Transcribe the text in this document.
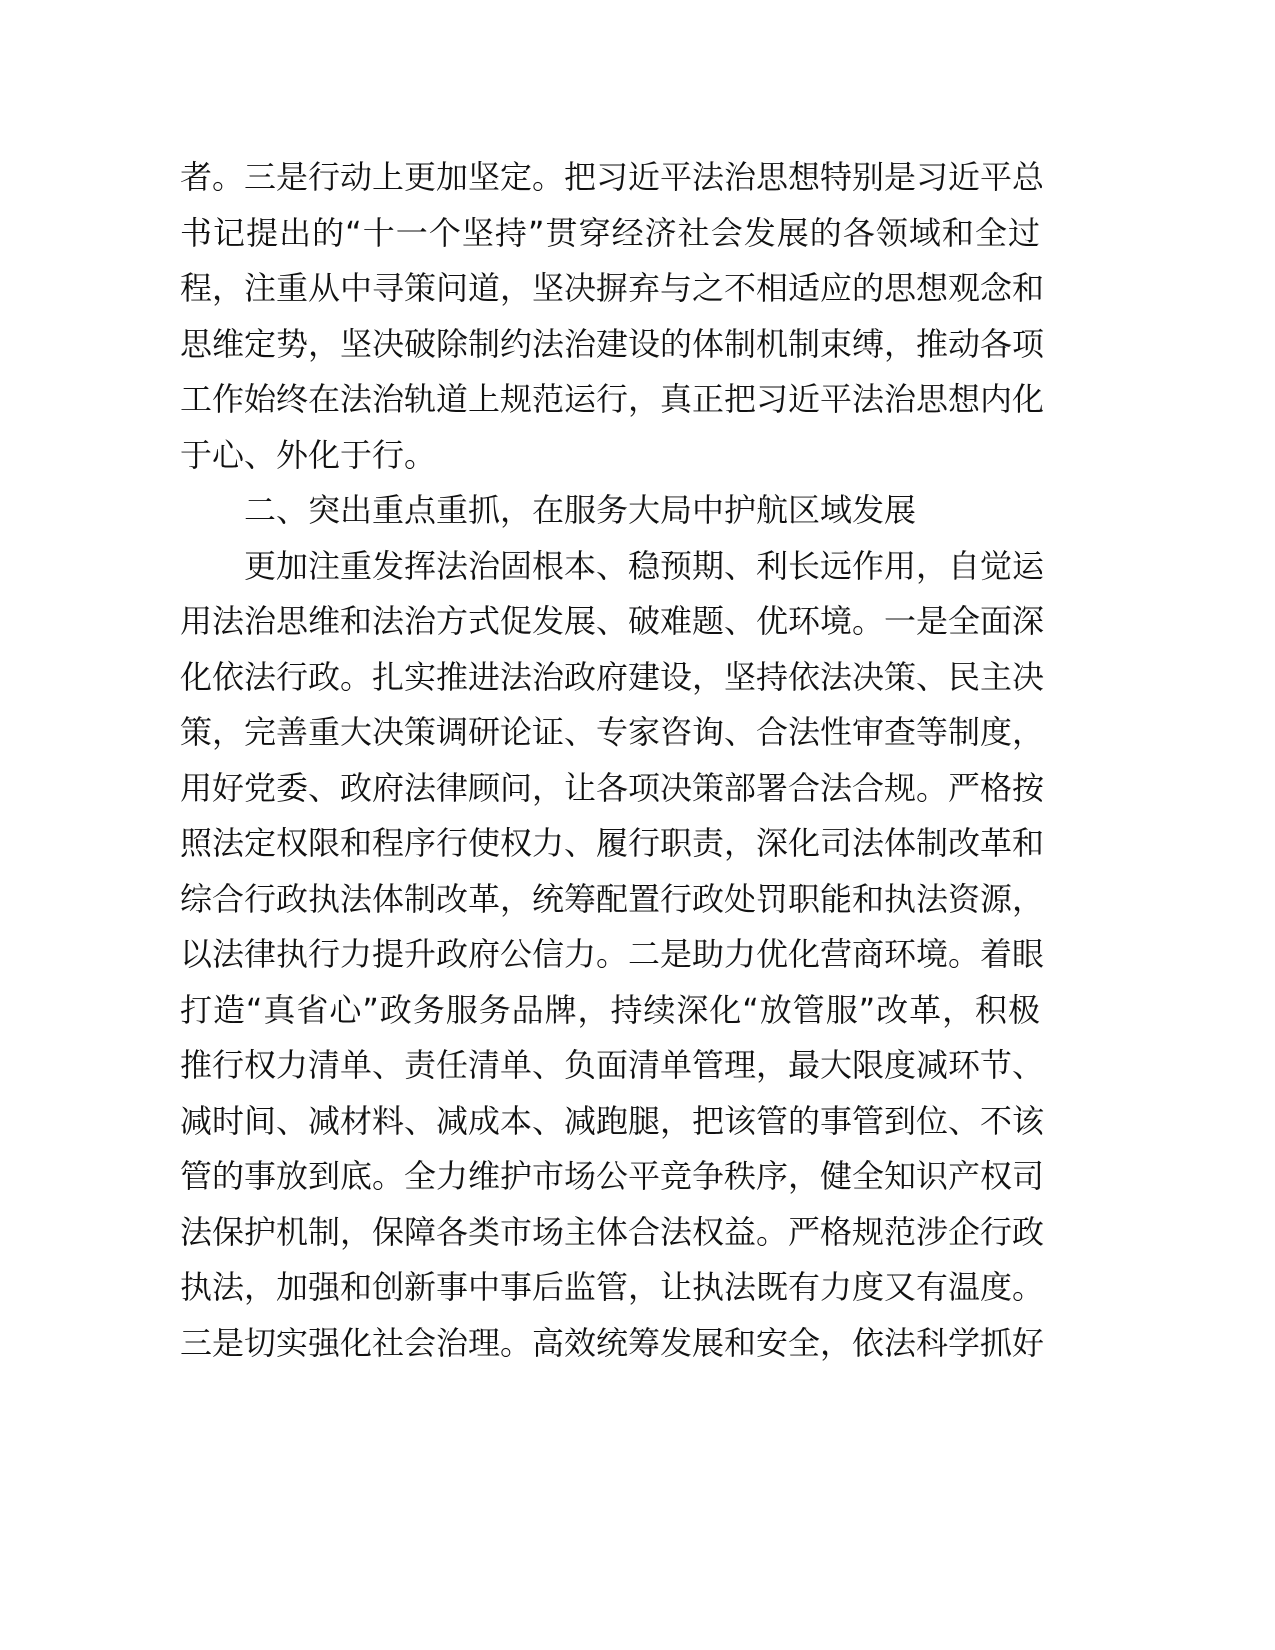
者。三是行动上更加坚定。把习近平法治思想特别是习近平总
书记提出的“十一个坚持”贯穿经济社会发展的各领域和全过
程，注重从中寻策问道，坚决摒弃与之不相适应的思想观念和
思维定势，坚决破除制约法治建设的体制机制束缚，推动各项
工作始终在法治轨道上规范运行，真正把习近平法治思想内化
于心、外化于行。
二、突出重点重抓，在服务大局中护航区域发展
更加注重发挥法治固根本、稳预期、利长远作用，自觉运
用法治思维和法治方式促发展、破难题、优环境。一是全面深
化依法行政。扎实推进法治政府建设，坚持依法决策、民主决
策，完善重大决策调研论证、专家咨询、合法性审查等制度，
用好党委、政府法律顾问，让各项决策部署合法合规。严格按
照法定权限和程序行使权力、履行职责，深化司法体制改革和
综合行政执法体制改革，统筹配置行政处罚职能和执法资源，
以法律执行力提升政府公信力。二是助力优化营商环境。着眼
打造“真省心”政务服务品牌，持续深化“放管服”改革，积极
推行权力清单、责任清单、负面清单管理，最大限度减环节、
减时间、减材料、减成本、减跑腿，把该管的事管到位、不该
管的事放到底。全力维护市场公平竞争秩序，健全知识产权司
法保护机制，保障各类市场主体合法权益。严格规范涉企行政
执法，加强和创新事中事后监管，让执法既有力度又有温度。
三是切实强化社会治理。高效统筹发展和安全，依法科学抓好
